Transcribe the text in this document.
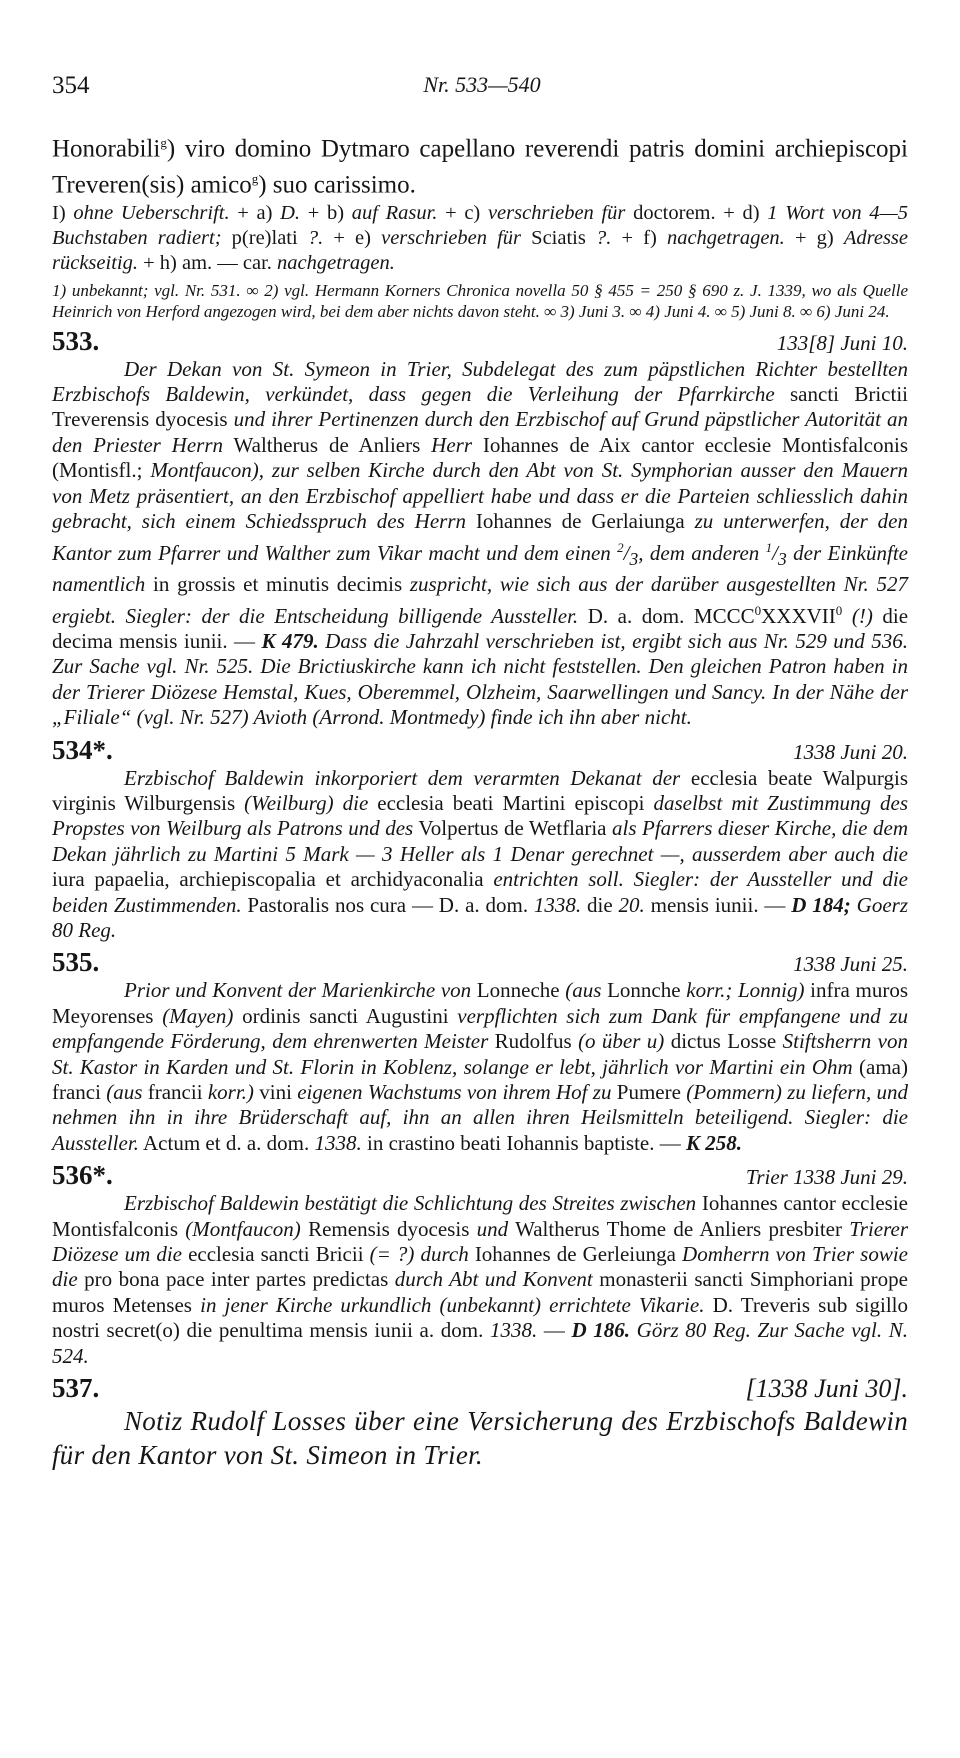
354	Nr. 533—540

Honorabili$^g$) viro domino Dytmaro capellano reverendi patris domini archiepiscopi Treveren(sis) amico$^g$) suo carissimo.

I) ohne Ueberschrift. + a) D. + b) auf Rasur. + c) verschrieben für doctorem. + d) 1 Wort von 4—5 Buchstaben radiert; p(re)lati ?. + e) verschrieben für Sciatis ?. + f) nachgetragen. + g) Adresse rückseitig. + h) am. — car. nachgetragen.

1) unbekannt; vgl. Nr. 531. ∞ 2) vgl. Hermann Korners Chronica novella 50 § 455 = 250 § 690 z. J. 1339, wo als Quelle Heinrich von Herford angezogen wird, bei dem aber nichts davon steht. ∞ 3) Juni 3. ∞ 4) Juni 4. ∞ 5) Juni 8. ∞ 6) Juni 24.

533.	133[8] Juni 10.

Der Dekan von St. Symeon in Trier, Subdelegat des zum päpstlichen Richter bestellten Erzbischofs Baldewin, verkündet, dass gegen die Verleihung der Pfarrkirche sancti Brictii Treverensis dyocesis und ihrer Pertinenzen durch den Erzbischof auf Grund päpstlicher Autorität an den Priester Herrn Waltherus de Anliers Herr Iohannes de Aix cantor ecclesie Montisfalconis (Montisfl.; Montfaucon), zur selben Kirche durch den Abt von St. Symphorian ausser den Mauern von Metz präsentiert, an den Erzbischof appelliert habe und dass er die Parteien schliesslich dahin gebracht, sich einem Schiedsspruch des Herrn Iohannes de Gerlaiunga zu unterwerfen, der den Kantor zum Pfarrer und Walther zum Vikar macht und dem einen $^2/_3$, dem anderen $^1/_3$ der Einkünfte namentlich in grossis et minutis decimis zuspricht, wie sich aus der darüber ausgestellten Nr. 527 ergiebt. Siegler: der die Entscheidung billigende Aussteller. D. a. dom. MCCC$^0$XXXVII$^0$ (!) die decima mensis iunii. — K 479. Dass die Jahrzahl verschrieben ist, ergibt sich aus Nr. 529 und 536. Zur Sache vgl. Nr. 525. Die Brictiuskirche kann ich nicht feststellen. Den gleichen Patron haben in der Trierer Diözese Hemstal, Kues, Oberemmel, Olzheim, Saarwellingen und Sancy. In der Nähe der „Filiale“ (vgl. Nr. 527) Avioth (Arrond. Montmedy) finde ich ihn aber nicht.

534*.	1338 Juni 20.

Erzbischof Baldewin inkorporiert dem verarmten Dekanat der ecclesia beate Walpurgis virginis Wilburgensis (Weilburg) die ecclesia beati Martini episcopi daselbst mit Zustimmung des Propstes von Weilburg als Patrons und des Volpertus de Wetflaria als Pfarrers dieser Kirche, die dem Dekan jährlich zu Martini 5 Mark — 3 Heller als 1 Denar gerechnet —, ausserdem aber auch die iura papaelia, archiepiscopalia et archidyaconalia entrichten soll. Siegler: der Aussteller und die beiden Zustimmenden. Pastoralis nos cura — D. a. dom. 1338. die 20. mensis iunii. — D 184; Goerz 80 Reg.

535.	1338 Juni 25.

Prior und Konvent der Marienkirche von Lonneche (aus Lonnche korr.; Lonnig) infra muros Meyorenses (Mayen) ordinis sancti Augustini verpflichten sich zum Dank für empfangene und zu empfangende Förderung, dem ehrenwerten Meister Rudolfus (o über u) dictus Losse Stiftsherrn von St. Kastor in Karden und St. Florin in Koblenz, solange er lebt, jährlich vor Martini ein Ohm (ama) franci (aus francii korr.) vini eigenen Wachstums von ihrem Hof zu Pumere (Pommern) zu liefern, und nehmen ihn in ihre Brüderschaft auf, ihn an allen ihren Heilsmitteln beteiligend. Siegler: die Aussteller. Actum et d. a. dom. 1338. in crastino beati Iohannis baptiste. — K 258.

536*.	Trier 1338 Juni 29.

Erzbischof Baldewin bestätigt die Schlichtung des Streites zwischen Iohannes cantor ecclesie Montisfalconis (Montfaucon) Remensis dyocesis und Waltherus Thome de Anliers presbiter Trierer Diözese um die ecclesia sancti Bricii (= ?) durch Iohannes de Gerleiunga Domherrn von Trier sowie die pro bona pace inter partes predictas durch Abt und Konvent monasterii sancti Simphoriani prope muros Metenses in jener Kirche urkundlich (unbekannt) errichtete Vikarie. D. Treveris sub sigillo nostri secret(o) die penultima mensis iunii a. dom. 1338. — D 186. Görz 80 Reg. Zur Sache vgl. N. 524.

537.	[1338 Juni 30].

Notiz Rudolf Losses über eine Versicherung des Erzbischofs Baldewin für den Kantor von St. Simeon in Trier.
